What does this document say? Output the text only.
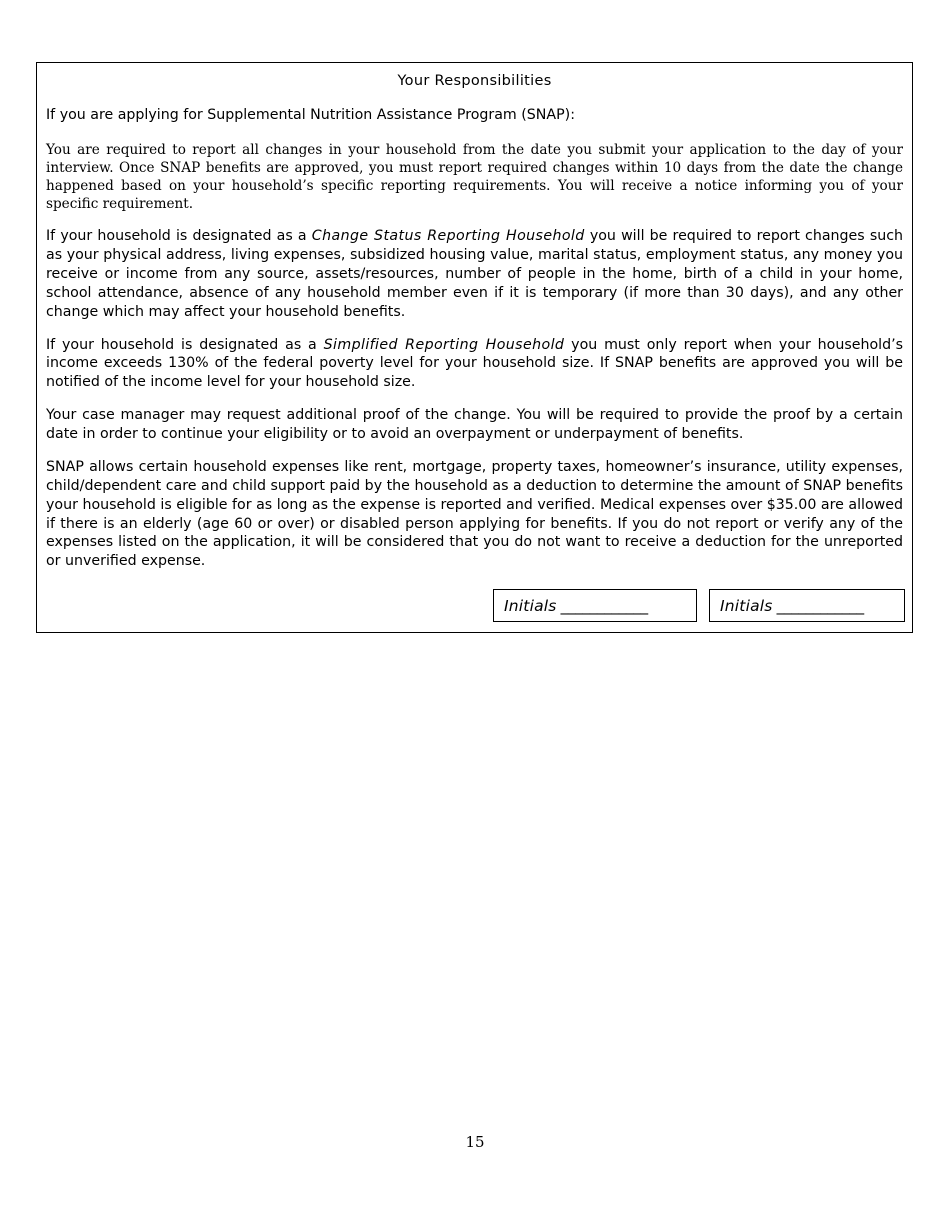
Your Responsibilities

If you are applying for Supplemental Nutrition Assistance Program (SNAP):

You are required to report all changes in your household from the date you submit your application to the day of your interview. Once SNAP benefits are approved, you must report required changes within 10 days from the date the change happened based on your household’s specific reporting requirements. You will receive a notice informing you of your specific requirement.

If your household is designated as a Change Status Reporting Household you will be required to report changes such as your physical address, living expenses, subsidized housing value, marital status, employment status, any money you receive or income from any source, assets/resources, number of people in the home, birth of a child in your home, school attendance, absence of any household member even if it is temporary (if more than 30 days), and any other change which may affect your household benefits.

If your household is designated as a Simplified Reporting Household you must only report when your household’s income exceeds 130% of the federal poverty level for your household size. If SNAP benefits are approved you will be notified of the income level for your household size.

Your case manager may request additional proof of the change. You will be required to provide the proof by a certain date in order to continue your eligibility or to avoid an overpayment or underpayment of benefits.

SNAP allows certain household expenses like rent, mortgage, property taxes, homeowner’s insurance, utility expenses, child/dependent care and child support paid by the household as a deduction to determine the amount of SNAP benefits your household is eligible for as long as the expense is reported and verified. Medical expenses over $35.00 are allowed if there is an elderly (age 60 or over) or disabled person applying for benefits. If you do not report or verify any of the expenses listed on the application, it will be considered that you do not want to receive a deduction for the unreported or unverified expense.

Initials ____________	Initials ____________
15
